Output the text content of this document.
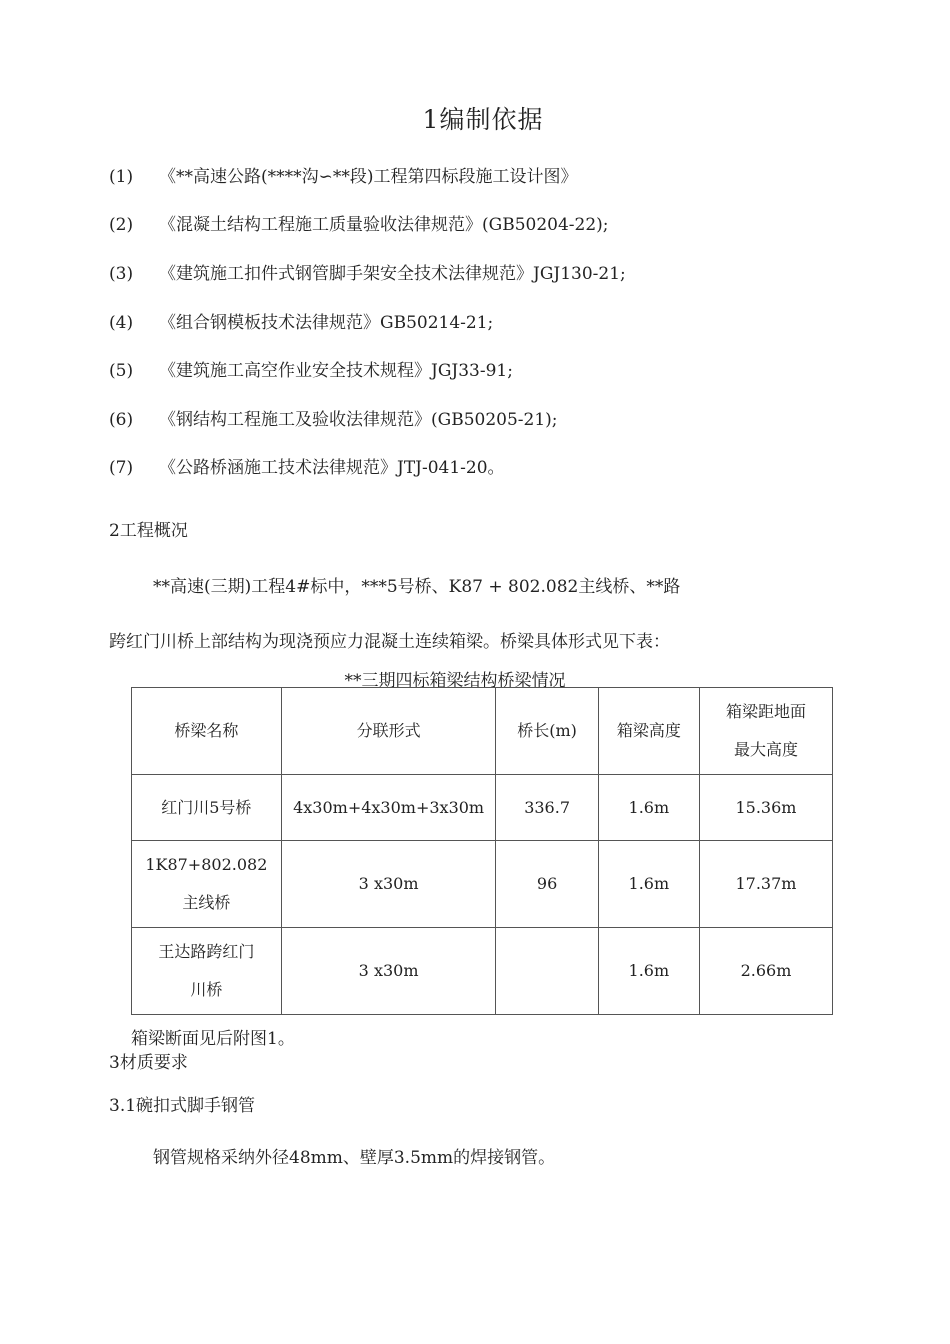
1编制依据
(1) 《**高速公路(****沟∽**段)工程第四标段施工设计图》
(2) 《混凝土结构工程施工质量验收法律规范》(GB50204-22);
(3) 《建筑施工扣件式钢管脚手架安全技术法律规范》JGJ130-21;
(4) 《组合钢模板技术法律规范》GB50214-21;
(5) 《建筑施工高空作业安全技术规程》JGJ33-91;
(6) 《钢结构工程施工及验收法律规范》(GB50205-21);
(7) 《公路桥涵施工技术法律规范》JTJ-041-20。
2工程概况
**高速(三期)工程4#标中，***5号桥、K87 + 802.082主线桥、**路
跨红门川桥上部结构为现浇预应力混凝土连续箱梁。桥梁具体形式见下表：
**三期四标箱梁结构桥梁情况
桥梁名称	分联形式	桥长(m)	箱梁高度	箱梁距地面
最大高度

红门川5号桥	4x30m+4x30m+3x30m	336.7	1.6m	15.36m

1K87+802.082
主线桥	3 x30m	96	1.6m	17.37m

王达路跨红门
川桥	3 x30m		1.6m	2.66m
箱梁断面见后附图1。
3材质要求
3.1碗扣式脚手钢管
钢管规格采纳外径48mm、壁厚3.5mm的焊接钢管。
